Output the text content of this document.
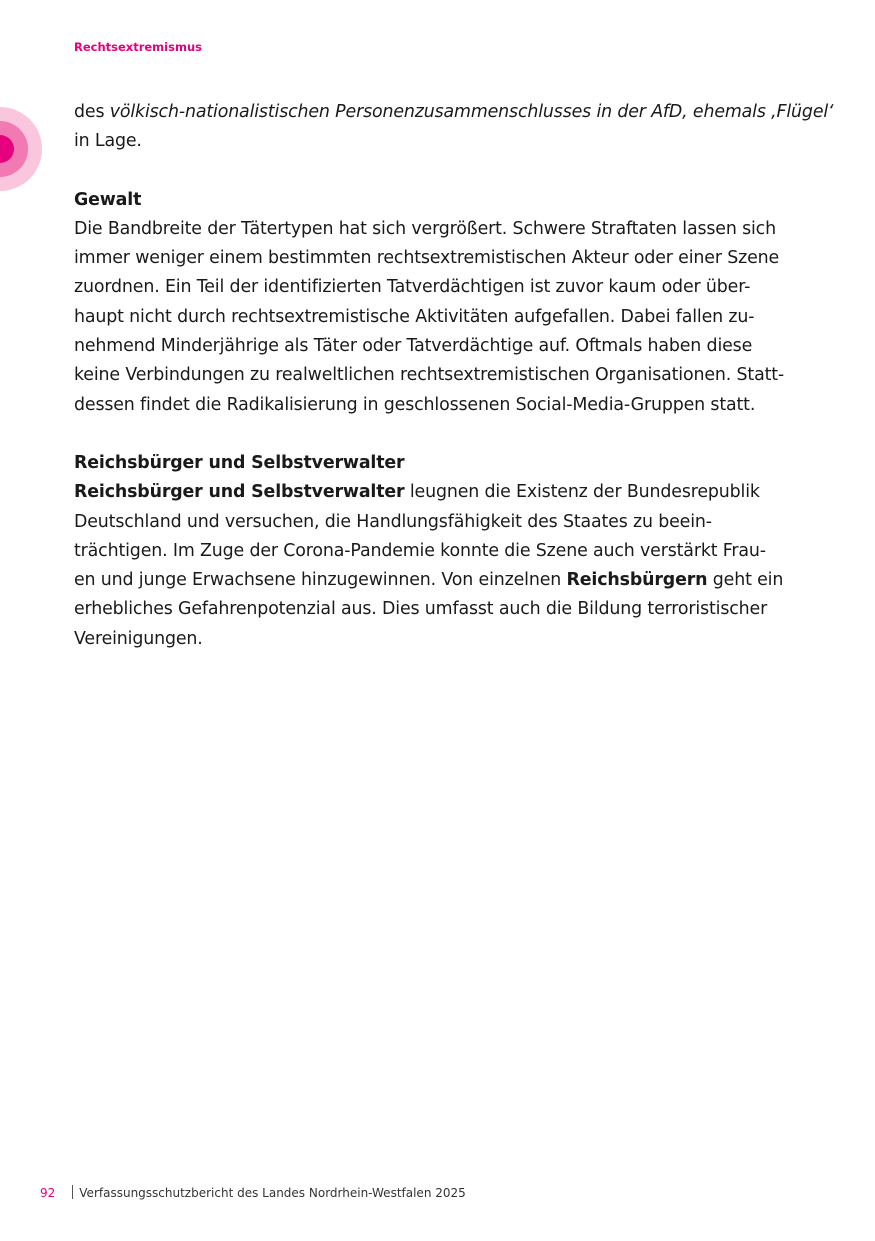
Rechtsextremismus

des völkisch-nationalistischen Personenzusammenschlusses in der AfD, ehemals ‚Flügel‘
in Lage.

Gewalt
Die Bandbreite der Tätertypen hat sich vergrößert. Schwere Straftaten lassen sich
immer weniger einem bestimmten rechtsextremistischen Akteur oder einer Szene
zuordnen. Ein Teil der identifizierten Tatverdächtigen ist zuvor kaum oder über-
haupt nicht durch rechtsextremistische Aktivitäten aufgefallen. Dabei fallen zu-
nehmend Minderjährige als Täter oder Tatverdächtige auf. Oftmals haben diese
keine Verbindungen zu realweltlichen rechtsextremistischen Organisationen. Statt-
dessen findet die Radikalisierung in geschlossenen Social-Media-Gruppen statt.

Reichsbürger und Selbstverwalter
Reichsbürger und Selbstverwalter leugnen die Existenz der Bundesrepublik
Deutschland und versuchen, die Handlungsfähigkeit des Staates zu beein-
trächtigen. Im Zuge der Corona-Pandemie konnte die Szene auch verstärkt Frau-
en und junge Erwachsene hinzugewinnen. Von einzelnen Reichsbürgern geht ein
erhebliches Gefahrenpotenzial aus. Dies umfasst auch die Bildung terroristischer
Vereinigungen.

92 Verfassungsschutzbericht des Landes Nordrhein-Westfalen 2025
